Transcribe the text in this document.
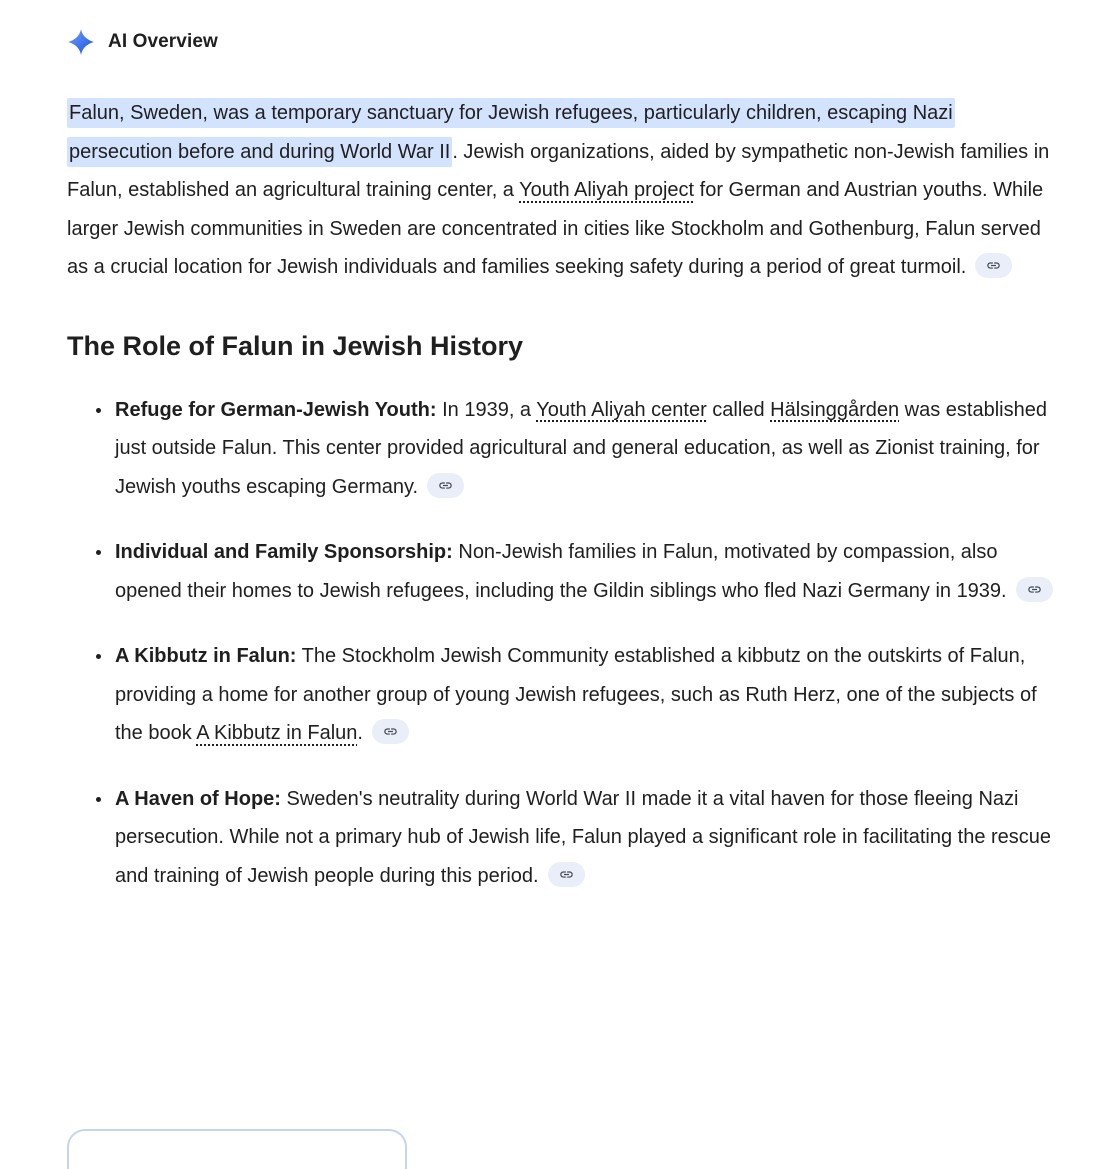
AI Overview

Falun, Sweden, was a temporary sanctuary for Jewish refugees, particularly children, escaping Nazi persecution before and during World War II . Jewish organizations, aided by sympathetic non-Jewish families in Falun, established an agricultural training center, a Youth Aliyah project for German and Austrian youths. While larger Jewish communities in Sweden are concentrated in cities like Stockholm and Gothenburg, Falun served as a crucial location for Jewish individuals and families seeking safety during a period of great turmoil.

The Role of Falun in Jewish History
• Refuge for German-Jewish Youth: In 1939, a Youth Aliyah center called Hälsinggården was established just outside Falun. This center provided agricultural and general education, as well as Zionist training, for Jewish youths escaping Germany.
• Individual and Family Sponsorship: Non-Jewish families in Falun, motivated by compassion, also opened their homes to Jewish refugees, including the Gildin siblings who fled Nazi Germany in 1939.
• A Kibbutz in Falun: The Stockholm Jewish Community established a kibbutz on the outskirts of Falun, providing a home for another group of young Jewish refugees, such as Ruth Herz, one of the subjects of the book A Kibbutz in Falun.
• A Haven of Hope: Sweden's neutrality during World War II made it a vital haven for those fleeing Nazi persecution. While not a primary hub of Jewish life, Falun played a significant role in facilitating the rescue and training of Jewish people during this period.
